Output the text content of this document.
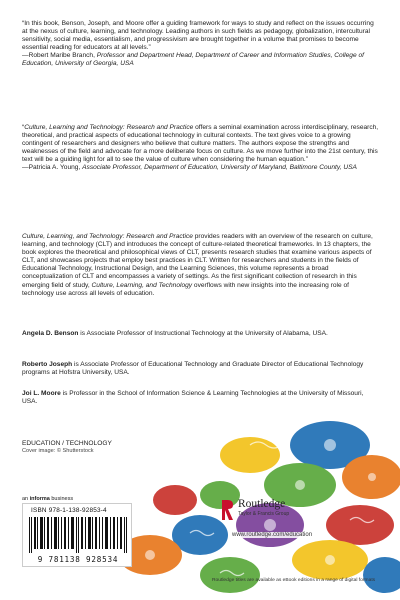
“In this book, Benson, Joseph, and Moore offer a guiding framework for ways to study and reflect on the issues occurring at the nexus of culture, learning, and technology. Leading authors in such fields as pedagogy, globalization, intercultural sensitivity, social media, essentialism, and progressivism are brought together in a volume that promises to become essential reading for educators at all levels.”

—Robert Maribe Branch, Professor and Department Head, Department of Career and Information Studies, College of Education, University of Georgia, USA

“Culture, Learning and Technology: Research and Practice offers a seminal examination across interdisciplinary, research, theoretical, and practical aspects of educational technology in cultural contexts. The text gives voice to a growing contingent of researchers and designers who believe that culture matters. The authors expose the strengths and weaknesses of the field and advocate for a more deliberate focus on culture. As we move further into the 21st century, this text will be a guiding light for all to see the value of culture when considering the human equation.”

—Patricia A. Young, Associate Professor, Department of Education, University of Maryland, Baltimore County, USA

Culture, Learning, and Technology: Research and Practice provides readers with an overview of the research on culture, learning, and technology (CLT) and introduces the concept of culture-related theoretical frameworks. In 13 chapters, the book explores the theoretical and philosophical views of CLT, presents research studies that examine various aspects of CLT, and showcases projects that employ best practices in CLT. Written for researchers and students in the fields of Educational Technology, Instructional Design, and the Learning Sciences, this volume represents a broad conceptualization of CLT and encompasses a variety of settings. As the first significant collection of research in this emerging field of study, Culture, Learning, and Technology overflows with new insights into the increasing role of technology use across all levels of education.

Angela D. Benson is Associate Professor of Instructional Technology at the University of Alabama, USA.

Roberto Joseph is Associate Professor of Educational Technology and Graduate Director of Educational Technology programs at Hofstra University, USA.

Joi L. Moore is Professor in the School of Information Science & Learning Technologies at the University of Missouri, USA.

EDUCATION / TECHNOLOGY
Cover image: © Shutterstock
an informa business
ISBN 978-1-138-92853-4
9 781138 928534
Routledge
Taylor & Francis Group
www.routledge.com/education
Routledge titles are available as eBook editions in a range of digital formats
